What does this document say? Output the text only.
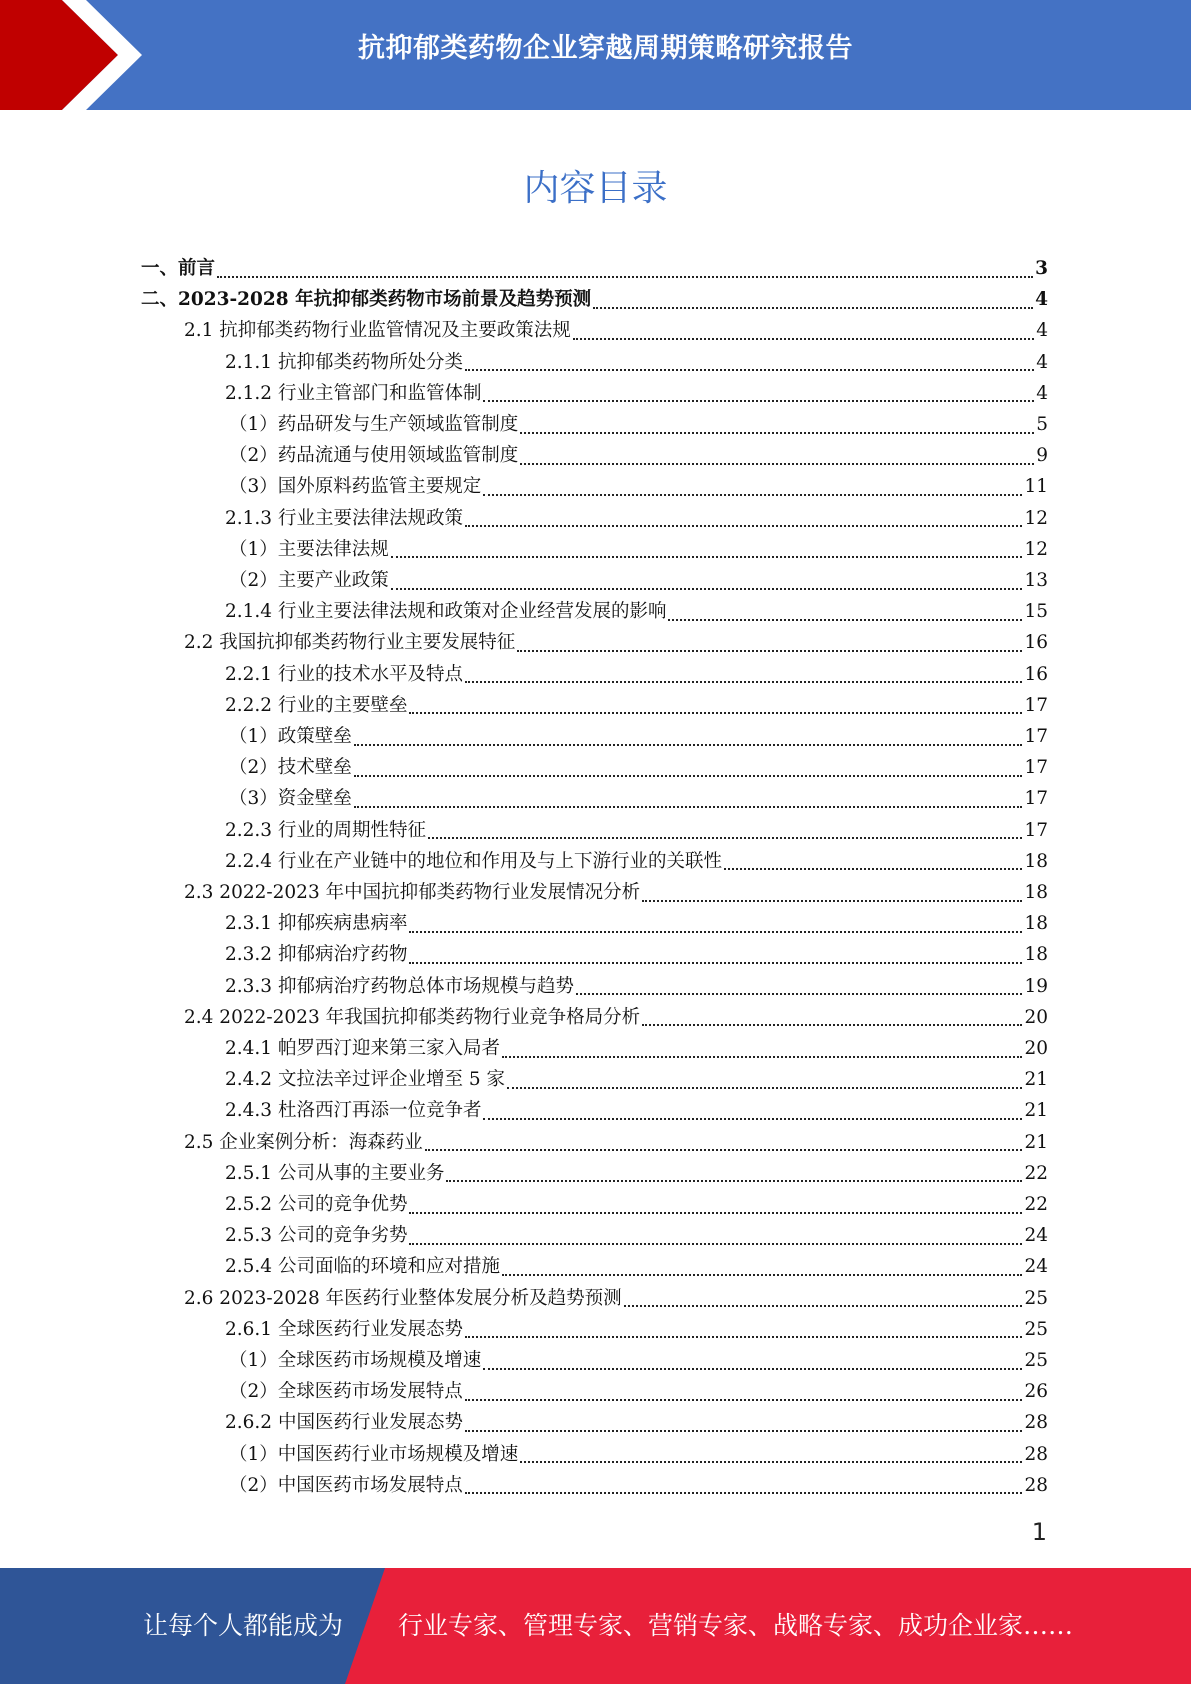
抗抑郁类药物企业穿越周期策略研究报告
内容目录
一、前言	3
二、2023-2028 年抗抑郁类药物市场前景及趋势预测	4
2.1 抗抑郁类药物行业监管情况及主要政策法规	4
2.1.1 抗抑郁类药物所处分类	4
2.1.2 行业主管部门和监管体制	4
（1）药品研发与生产领域监管制度	5
（2）药品流通与使用领域监管制度	9
（3）国外原料药监管主要规定	11
2.1.3 行业主要法律法规政策	12
（1）主要法律法规	12
（2）主要产业政策	13
2.1.4 行业主要法律法规和政策对企业经营发展的影响	15
2.2 我国抗抑郁类药物行业主要发展特征	16
2.2.1 行业的技术水平及特点	16
2.2.2 行业的主要壁垒	17
（1）政策壁垒	17
（2）技术壁垒	17
（3）资金壁垒	17
2.2.3 行业的周期性特征	17
2.2.4 行业在产业链中的地位和作用及与上下游行业的关联性	18
2.3 2022-2023 年中国抗抑郁类药物行业发展情况分析	18
2.3.1 抑郁疾病患病率	18
2.3.2 抑郁病治疗药物	18
2.3.3 抑郁病治疗药物总体市场规模与趋势	19
2.4 2022-2023 年我国抗抑郁类药物行业竞争格局分析	20
2.4.1 帕罗西汀迎来第三家入局者	20
2.4.2 文拉法辛过评企业增至 5 家	21
2.4.3 杜洛西汀再添一位竞争者	21
2.5 企业案例分析：海森药业	21
2.5.1 公司从事的主要业务	22
2.5.2 公司的竞争优势	22
2.5.3 公司的竞争劣势	24
2.5.4 公司面临的环境和应对措施	24
2.6 2023-2028 年医药行业整体发展分析及趋势预测	25
2.6.1 全球医药行业发展态势	25
（1）全球医药市场规模及增速	25
（2）全球医药市场发展特点	26
2.6.2 中国医药行业发展态势	28
（1）中国医药行业市场规模及增速	28
（2）中国医药市场发展特点	28
1
让每个人都能成为 行业专家、管理专家、营销专家、战略专家、成功企业家……
